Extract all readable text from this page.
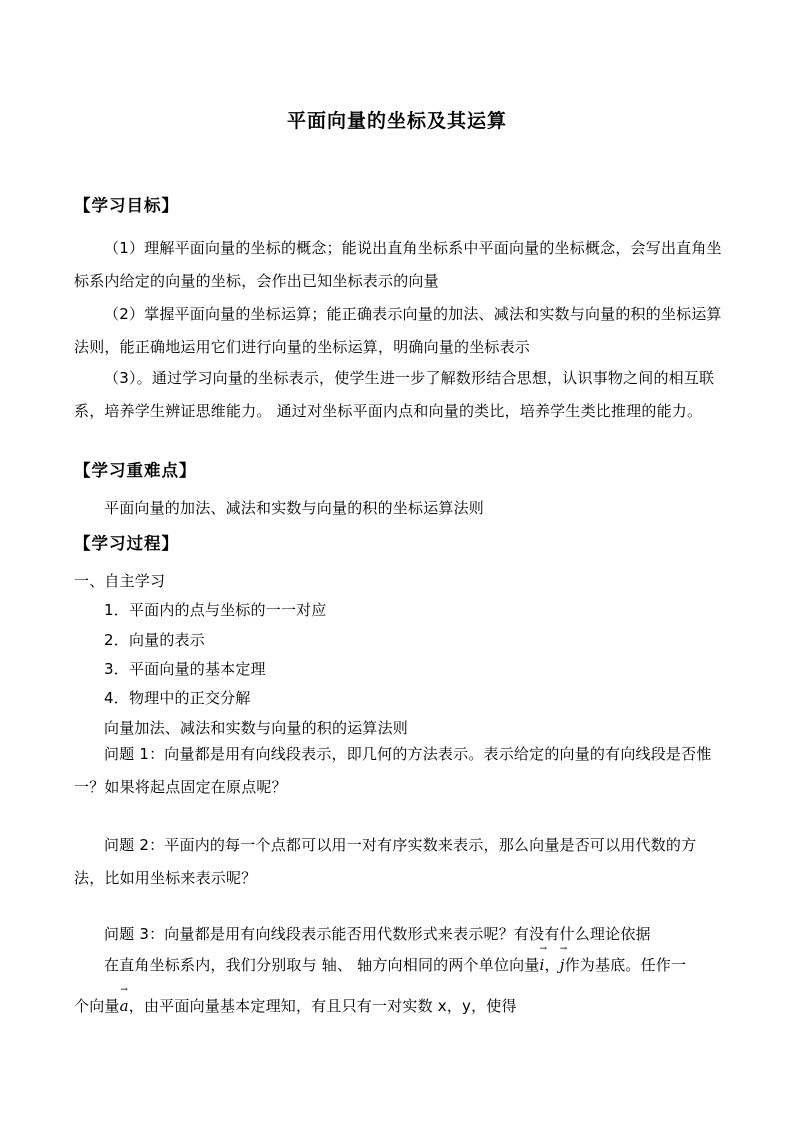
平面向量的坐标及其运算
【学习目标】
（1）理解平面向量的坐标的概念；能说出直角坐标系中平面向量的坐标概念，会写出直角坐标系内给定的向量的坐标，会作出已知坐标表示的向量
（2）掌握平面向量的坐标运算；能正确表示向量的加法、减法和实数与向量的积的坐标运算法则，能正确地运用它们进行向量的坐标运算，明确向量的坐标表示
（3）。通过学习向量的坐标表示，使学生进一步了解数形结合思想，认识事物之间的相互联系，培养学生辨证思维能力。 通过对坐标平面内点和向量的类比，培养学生类比推理的能力。
【学习重难点】
平面向量的加法、减法和实数与向量的积的坐标运算法则
【学习过程】
一、自主学习
1．平面内的点与坐标的一一对应
2．向量的表示
3．平面向量的基本定理
4．物理中的正交分解
向量加法、减法和实数与向量的积的运算法则
问题 1：向量都是用有向线段表示，即几何的方法表示。表示给定的向量的有向线段是否惟一？如果将起点固定在原点呢？
问题 2：平面内的每一个点都可以用一对有序实数来表示，那么向量是否可以用代数的方法，比如用坐标来表示呢？
问题 3：向量都是用有向线段表示能否用代数形式来表示呢？有没有什么理论依据
在直角坐标系内，我们分别取与 轴、 轴方向相同的两个单位向量
→
i，
→
j作为基底。任作一
个向量
→
a，由平面向量基本定理知，有且只有一对实数 x，y，使得
